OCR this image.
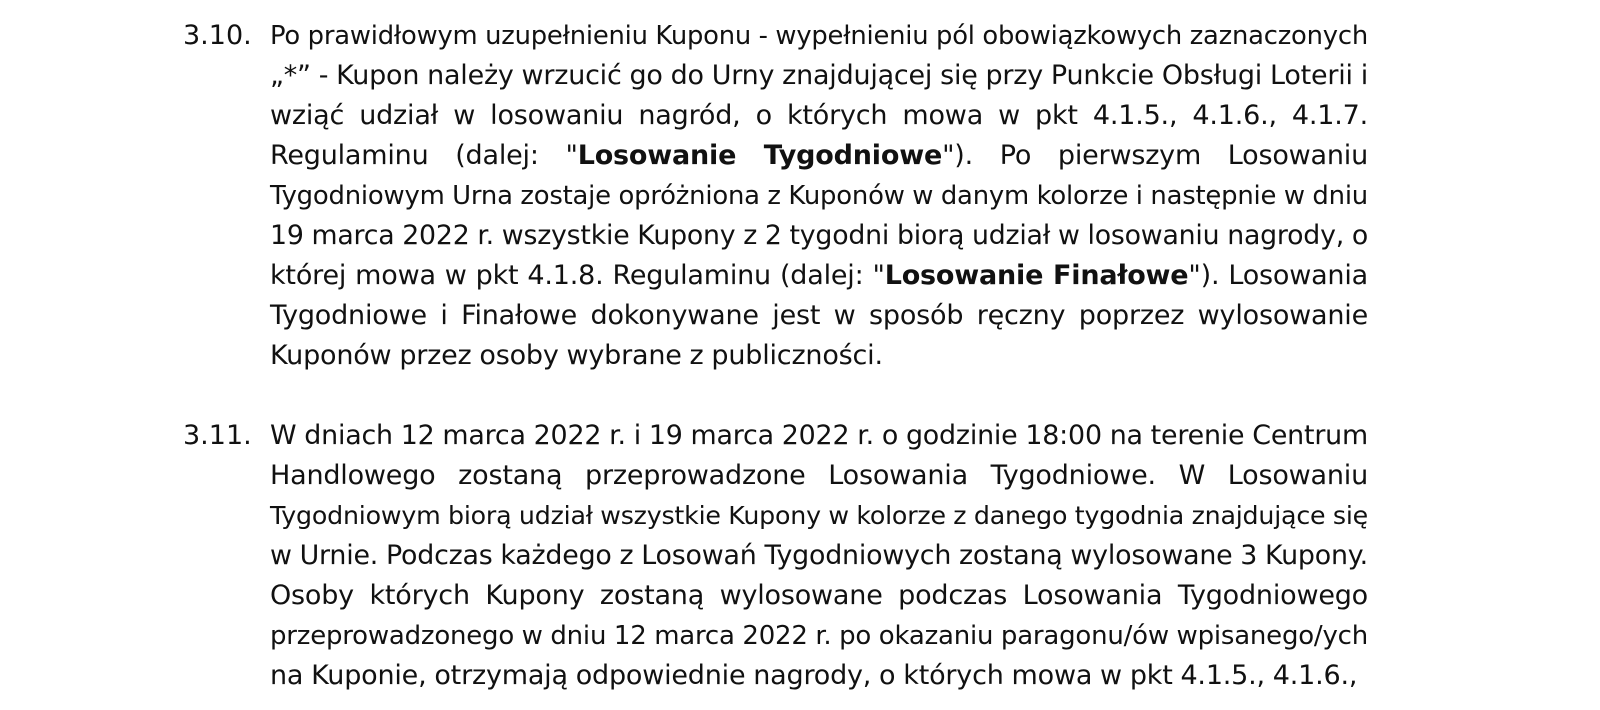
3.10. Po prawidłowym uzupełnieniu Kuponu - wypełnieniu pól obowiązkowych zaznaczonych
„*” - Kupon należy wrzucić go do Urny znajdującej się przy Punkcie Obsługi Loterii i
wziąć udział w losowaniu nagród, o których mowa w pkt 4.1.5., 4.1.6., 4.1.7.
Regulaminu (dalej: "Losowanie Tygodniowe"). Po pierwszym Losowaniu
Tygodniowym Urna zostaje opróżniona z Kuponów w danym kolorze i następnie w dniu
19 marca 2022 r. wszystkie Kupony z 2 tygodni biorą udział w losowaniu nagrody, o
której mowa w pkt 4.1.8. Regulaminu (dalej: "Losowanie Finałowe"). Losowania
Tygodniowe i Finałowe dokonywane jest w sposób ręczny poprzez wylosowanie
Kuponów przez osoby wybrane z publiczności.
3.11. W dniach 12 marca 2022 r. i 19 marca 2022 r. o godzinie 18:00 na terenie Centrum
Handlowego zostaną przeprowadzone Losowania Tygodniowe. W Losowaniu
Tygodniowym biorą udział wszystkie Kupony w kolorze z danego tygodnia znajdujące się
w Urnie. Podczas każdego z Losowań Tygodniowych zostaną wylosowane 3 Kupony.
Osoby których Kupony zostaną wylosowane podczas Losowania Tygodniowego
przeprowadzonego w dniu 12 marca 2022 r. po okazaniu paragonu/ów wpisanego/ych
na Kuponie, otrzymają odpowiednie nagrody, o których mowa w pkt 4.1.5., 4.1.6.,
